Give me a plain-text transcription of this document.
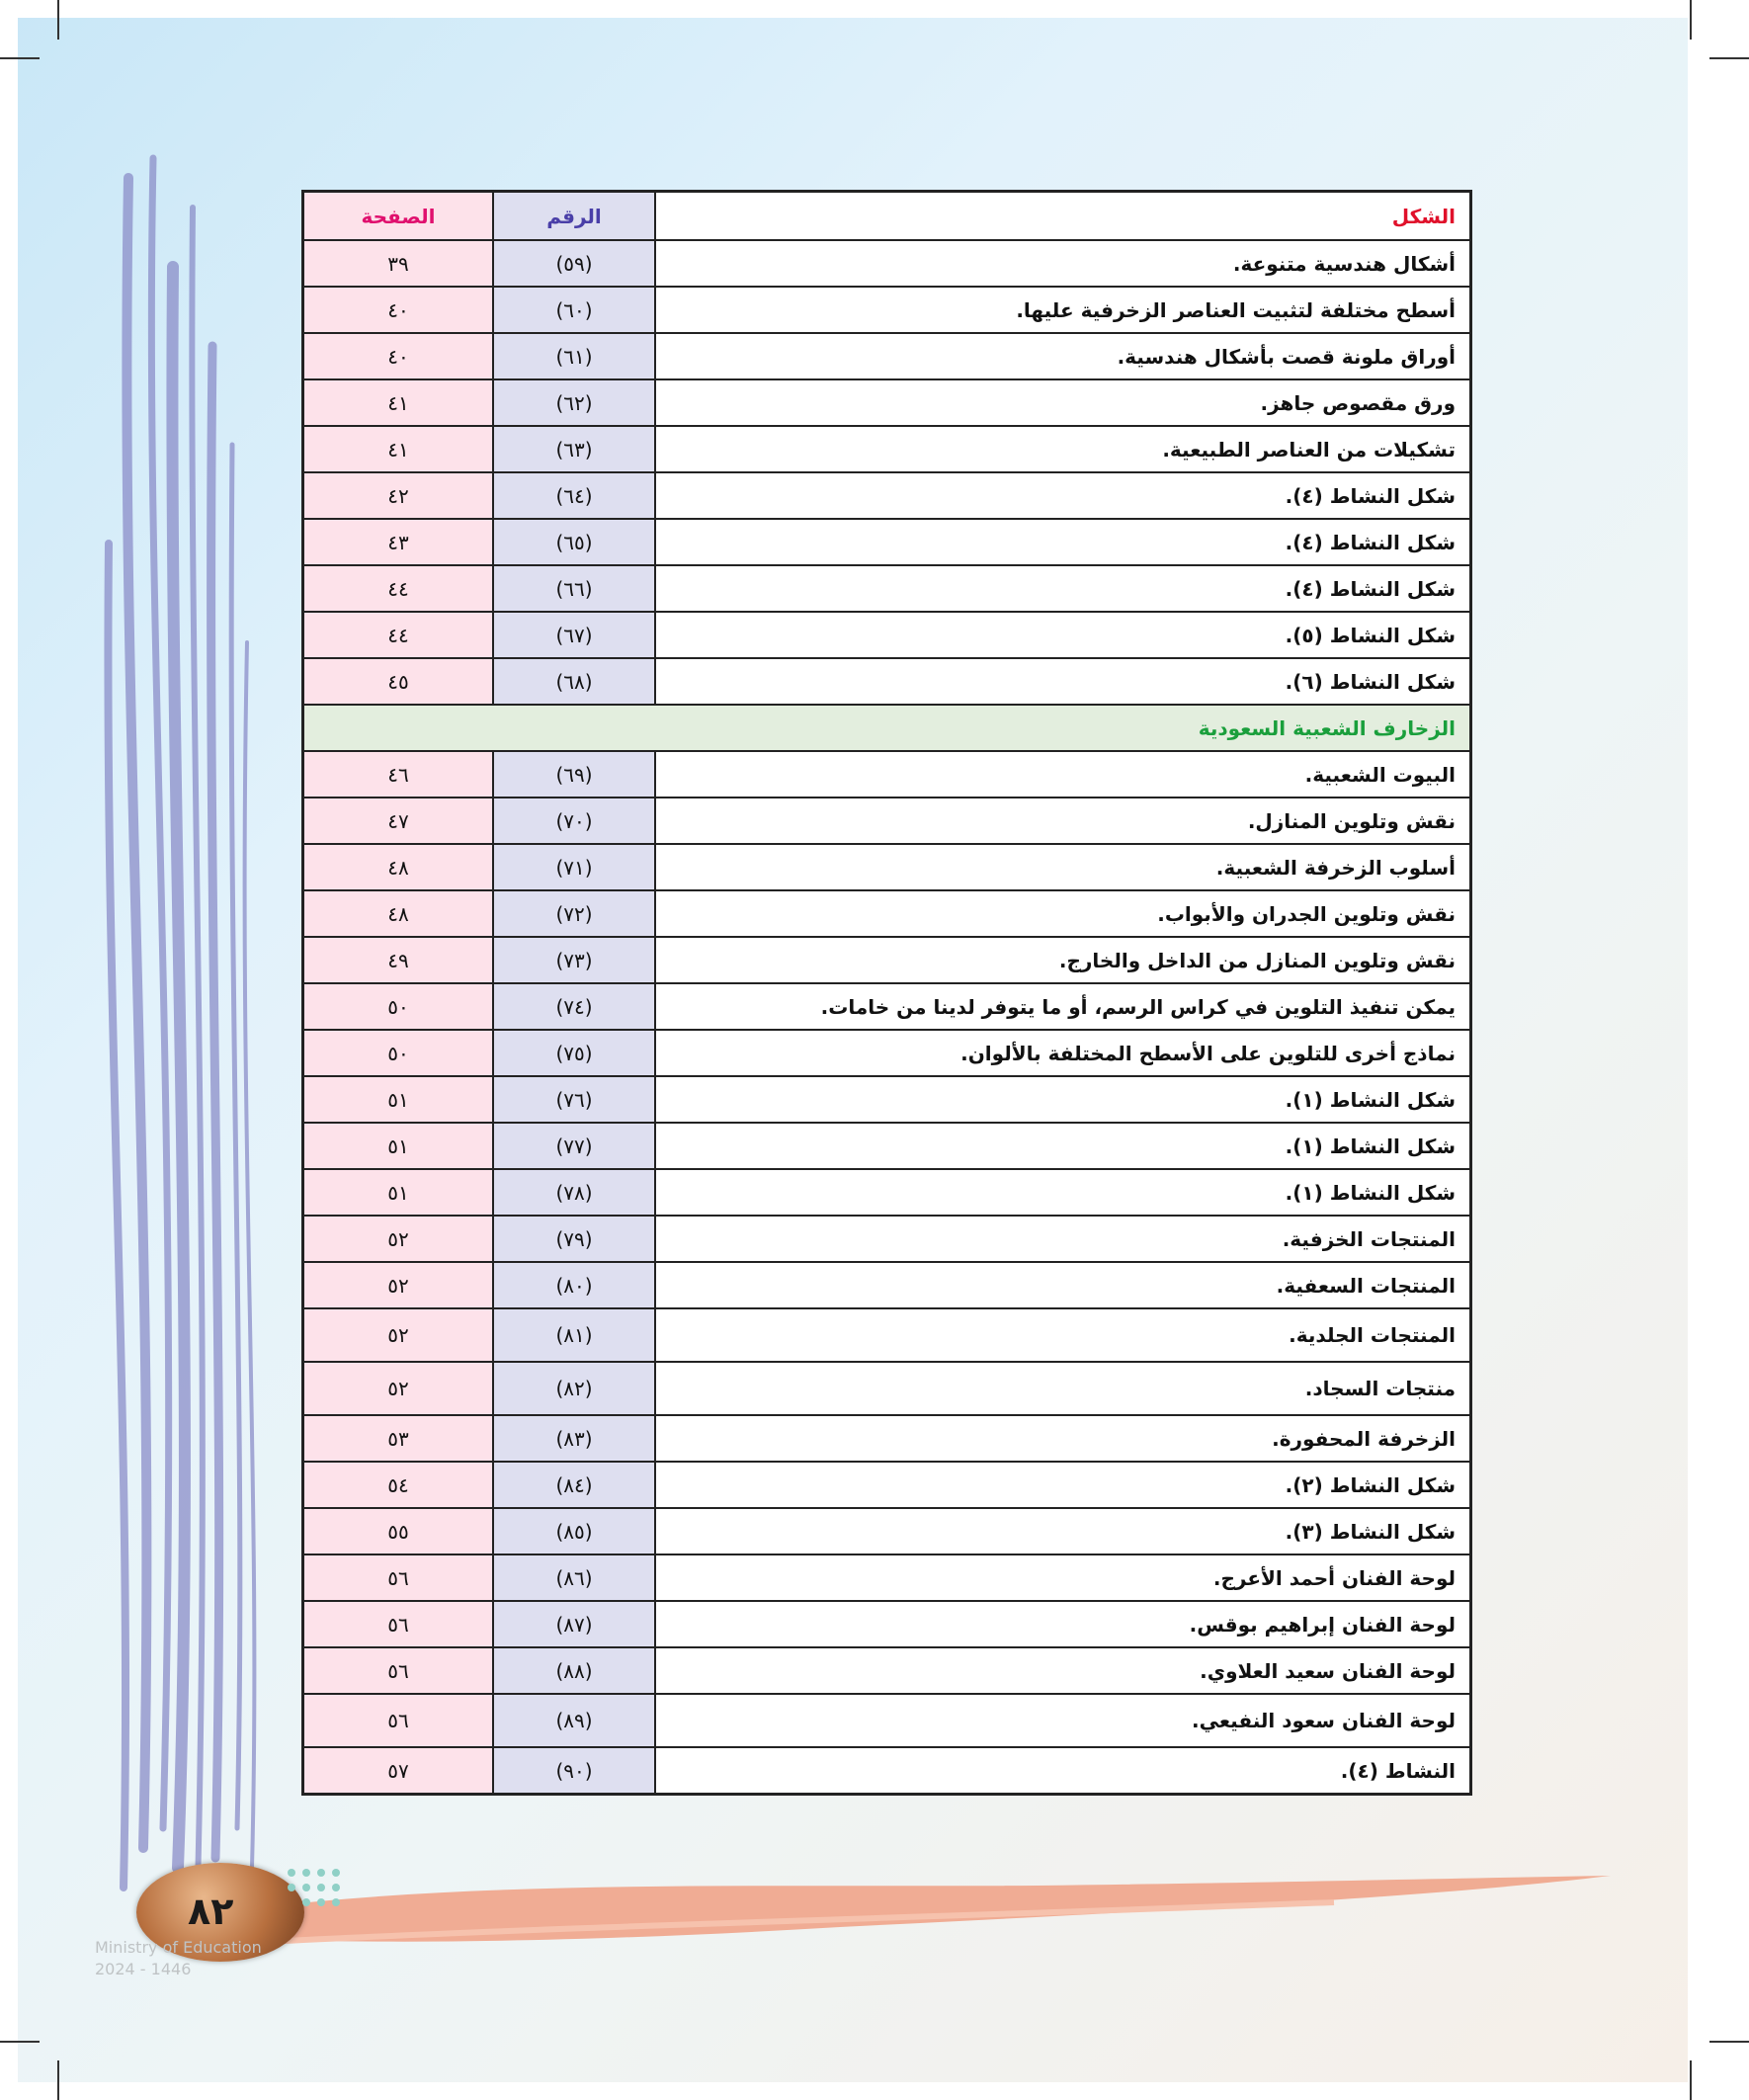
الشكل	الرقم	الصفحة
أشكال هندسية متنوعة.	(٥٩)	٣٩
أسطح مختلفة لتثبيت العناصر الزخرفية عليها.	(٦٠)	٤٠
أوراق ملونة قصت بأشكال هندسية.	(٦١)	٤٠
ورق مقصوص جاهز.	(٦٢)	٤١
تشكيلات من العناصر الطبيعية.	(٦٣)	٤١
شكل النشاط (٤).	(٦٤)	٤٢
شكل النشاط (٤).	(٦٥)	٤٣
شكل النشاط (٤).	(٦٦)	٤٤
شكل النشاط (٥).	(٦٧)	٤٤
شكل النشاط (٦).	(٦٨)	٤٥
الزخارف الشعبية السعودية		
البيوت الشعبية.	(٦٩)	٤٦
نقش وتلوين المنازل.	(٧٠)	٤٧
أسلوب الزخرفة الشعبية.	(٧١)	٤٨
نقش وتلوين الجدران والأبواب.	(٧٢)	٤٨
نقش وتلوين المنازل من الداخل والخارج.	(٧٣)	٤٩
يمكن تنفيذ التلوين في كراس الرسم، أو ما يتوفر لدينا من خامات.	(٧٤)	٥٠
نماذج أخرى للتلوين على الأسطح المختلفة بالألوان.	(٧٥)	٥٠
شكل النشاط (١).	(٧٦)	٥١
شكل النشاط (١).	(٧٧)	٥١
شكل النشاط (١).	(٧٨)	٥١
المنتجات الخزفية.	(٧٩)	٥٢
المنتجات السعفية.	(٨٠)	٥٢
المنتجات الجلدية.	(٨١)	٥٢
منتجات السجاد.	(٨٢)	٥٢
الزخرفة المحفورة.	(٨٣)	٥٣
شكل النشاط (٢).	(٨٤)	٥٤
شكل النشاط (٣).	(٨٥)	٥٥
لوحة الفنان أحمد الأعرج.	(٨٦)	٥٦
لوحة الفنان إبراهيم بوقس.	(٨٧)	٥٦
لوحة الفنان سعيد العلاوي.	(٨٨)	٥٦
لوحة الفنان سعود النفيعي.	(٨٩)	٥٦
النشاط (٤).	(٩٠)	٥٧
٨٢
Ministry of Education
2024 - 1446
